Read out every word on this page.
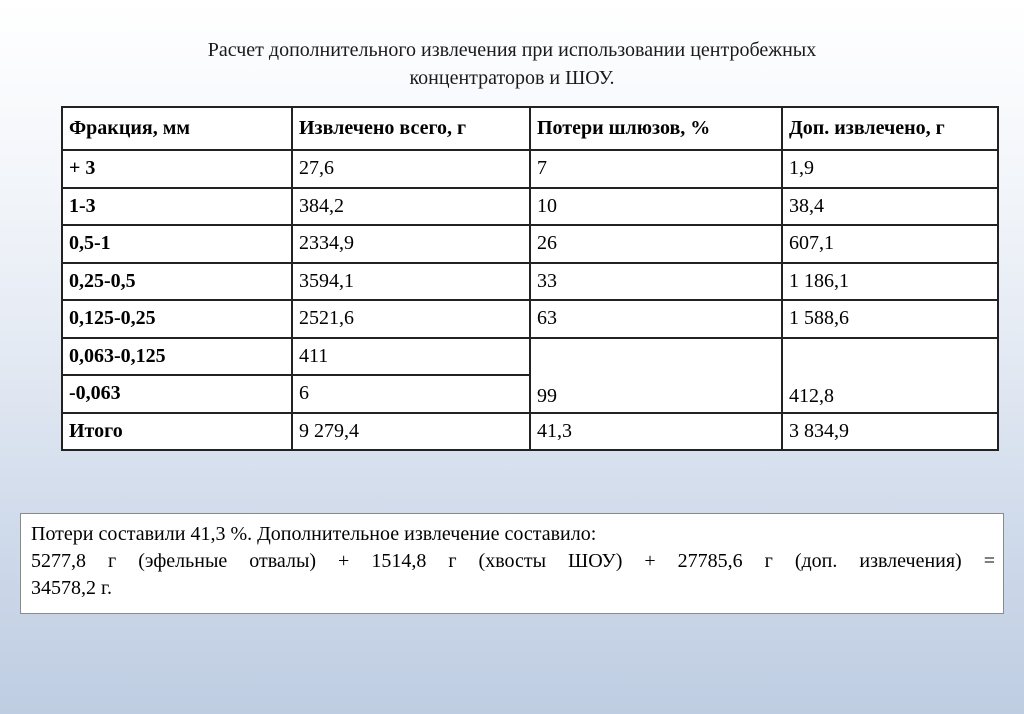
Расчет дополнительного извлечения при использовании центробежных
концентраторов и ШОУ.
Фракция, мм	Извлечено всего, г	Потери шлюзов, %	Доп. извлечено, г
+ 3	27,6	7	1,9
1-3	384,2	10	38,4
0,5-1	2334,9	26	607,1
0,25-0,5	3594,1	33	1 186,1
0,125-0,25	2521,6	63	1 588,6
0,063-0,125	411	99	412,8
-0,063	6		
Итого	9 279,4	41,3	3 834,9
Потери составили 41,3 %. Дополнительное извлечение составило:
5277,8 г (эфельные отвалы) + 1514,8 г (хвосты ШОУ) + 27785,6 г (доп. извлечения) =
34578,2 г.
